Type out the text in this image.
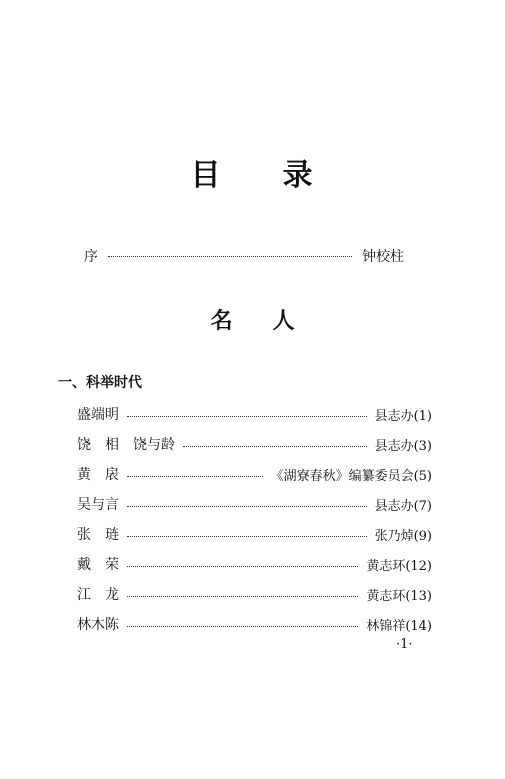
目 录
序	钟校柱
名 人
一、科举时代
盛端明	县志办(1)
饶　相　饶与龄	县志办(3)
黄　扆	《湖寮春秋》编纂委员会(5)
吴与言	县志办(7)
张　琏	张乃焯(9)
戴　荣	黄志环(12)
江　龙	黄志环(13)
林木陈	林锦祥(14)
·1·
